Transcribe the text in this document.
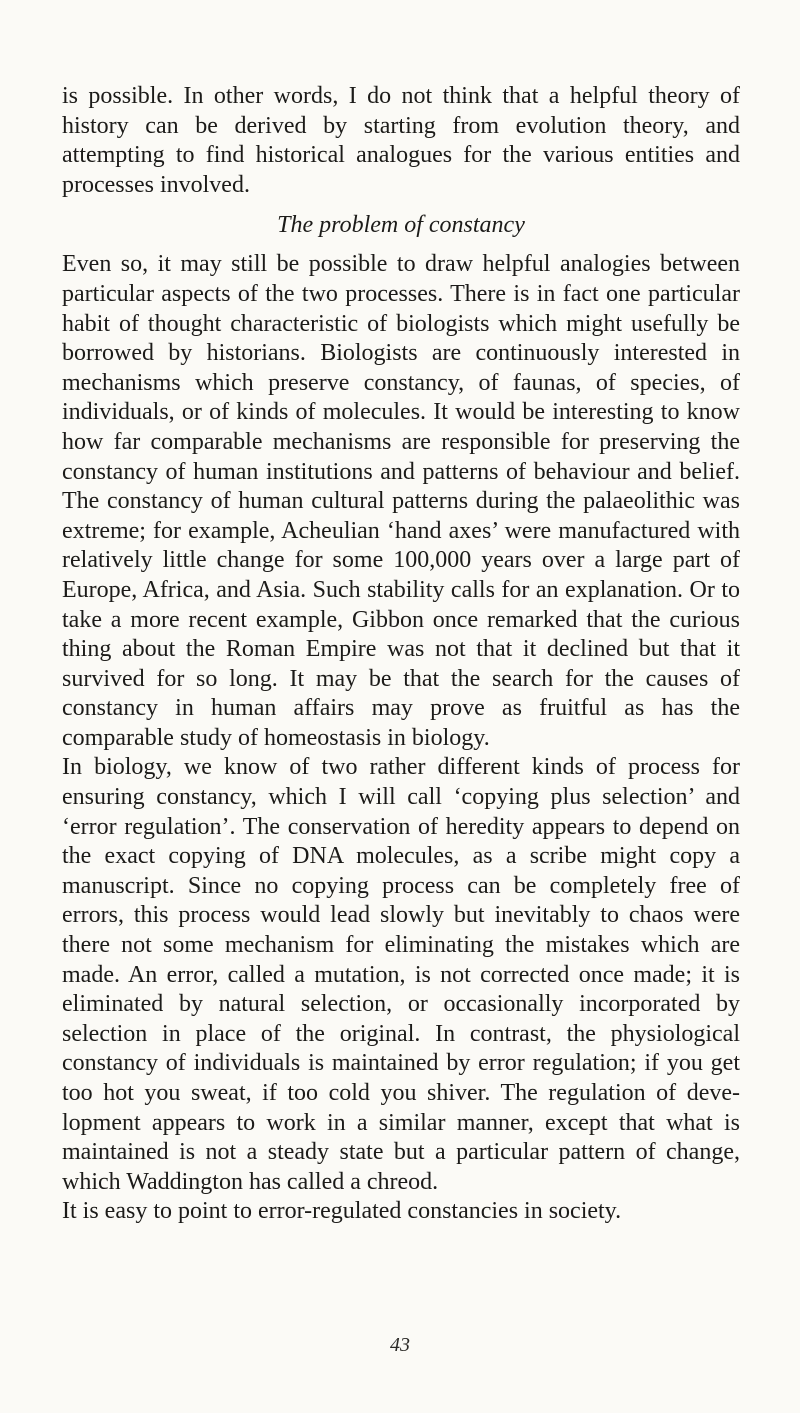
is possible. In other words, I do not think that a helpful theory of history can be derived by starting from evolution theory, and attempting to find historical analogues for the various entities and processes involved.

The problem of constancy

Even so, it may still be possible to draw helpful analogies between particular aspects of the two processes. There is in fact one particular habit of thought characteristic of biologists which might usefully be borrowed by historians. Biologists are continuously interested in mechanisms which preserve constancy, of faunas, of species, of individuals, or of kinds of molecules. It would be interesting to know how far comparable mechanisms are responsible for preserving the constancy of human institutions and patterns of behaviour and belief. The constancy of human cultural patterns during the palaeolithic was extreme; for example, Acheulian ‘hand axes’ were manufactured with relatively little change for some 100,000 years over a large part of Europe, Africa, and Asia. Such stability calls for an explanation. Or to take a more recent example, Gibbon once remarked that the curious thing about the Roman Empire was not that it declined but that it survived for so long. It may be that the search for the causes of constancy in human affairs may prove as fruitful as has the comparable study of homeostasis in biology.

In biology, we know of two rather different kinds of process for ensuring constancy, which I will call ‘copying plus selection’ and ‘error regulation’. The conservation of heredity appears to depend on the exact copying of DNA molecules, as a scribe might copy a manuscript. Since no copying process can be completely free of errors, this process would lead slowly but inevitably to chaos were there not some mechanism for eliminating the mistakes which are made. An error, called a mutation, is not corrected once made; it is eliminated by natural selection, or occasionally incorporated by selection in place of the original. In contrast, the physiological constancy of individuals is maintained by error regulation; if you get too hot you sweat, if too cold you shiver. The regulation of development appears to work in a similar manner, except that what is maintained is not a steady state but a particular pattern of change, which Waddington has called a chreod.

It is easy to point to error-regulated constancies in society.

43
